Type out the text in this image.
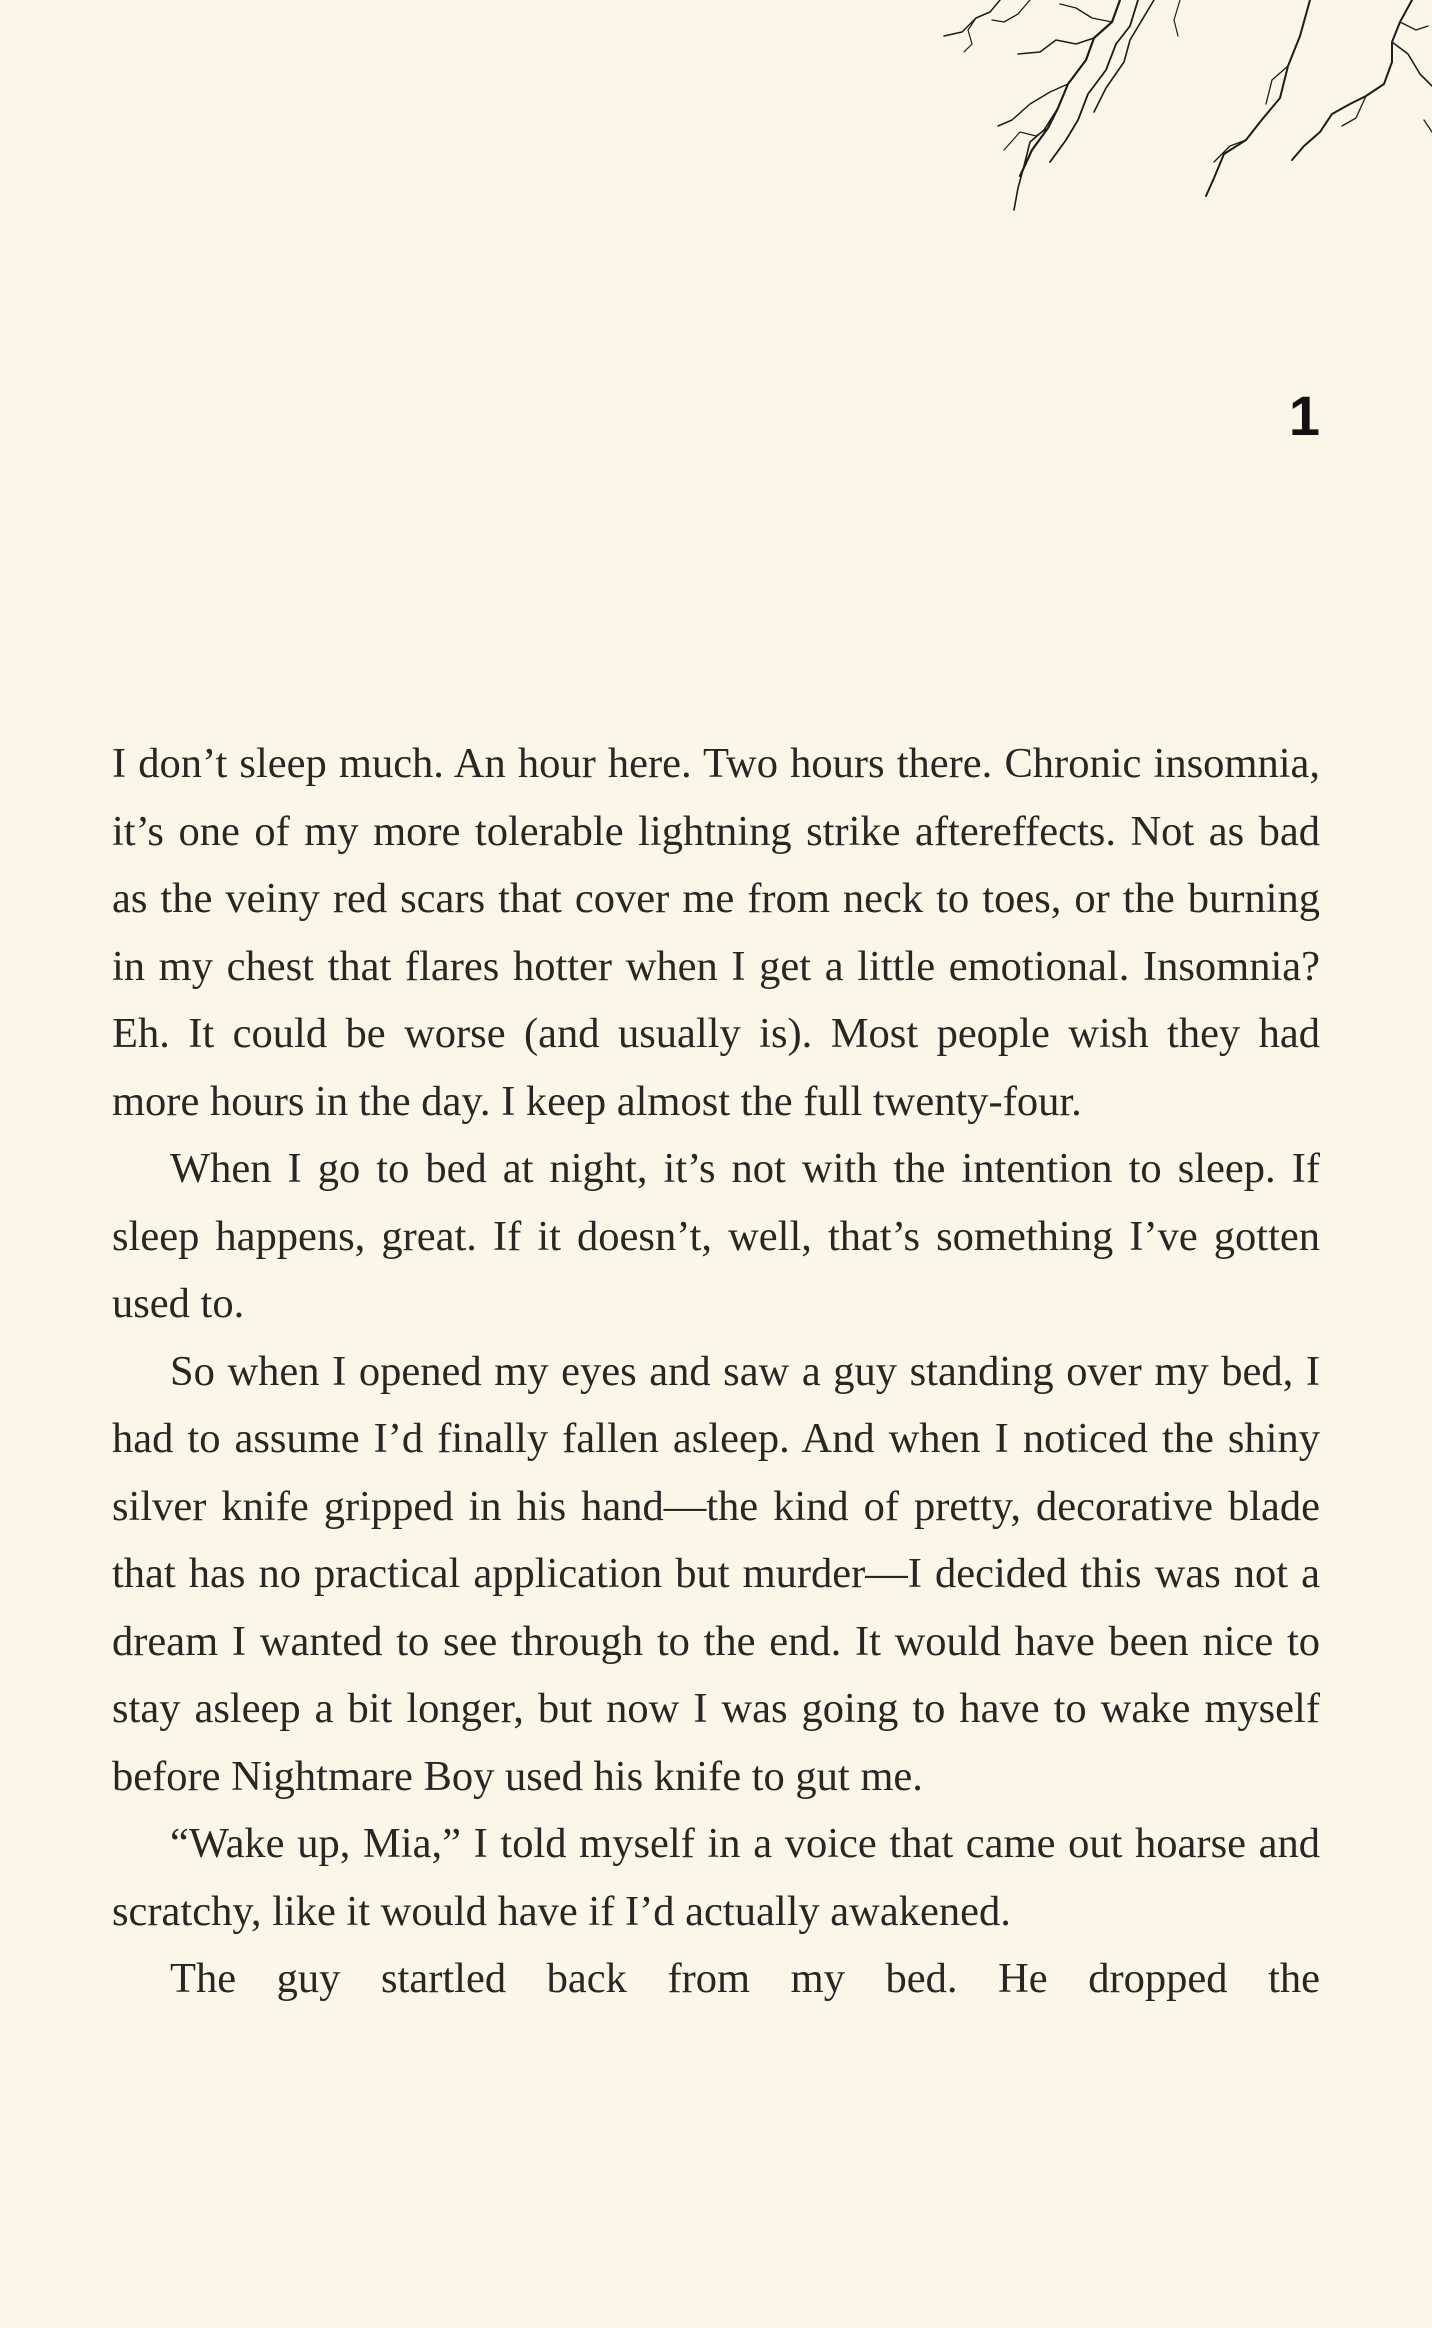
1

I don’t sleep much. An hour here. Two hours there. Chronic insomnia, it’s one of my more tolerable lightning strike aftereffects. Not as bad as the veiny red scars that cover me from neck to toes, or the burning in my chest that flares hotter when I get a little emotional. Insomnia? Eh. It could be worse (and usually is). Most people wish they had more hours in the day. I keep almost the full twenty-four.

When I go to bed at night, it’s not with the intention to sleep. If sleep happens, great. If it doesn’t, well, that’s something I’ve gotten used to.

So when I opened my eyes and saw a guy standing over my bed, I had to assume I’d finally fallen asleep. And when I noticed the shiny silver knife gripped in his hand—the kind of pretty, decorative blade that has no practical application but murder—I decided this was not a dream I wanted to see through to the end. It would have been nice to stay asleep a bit longer, but now I was going to have to wake myself before Nightmare Boy used his knife to gut me.

“Wake up, Mia,” I told myself in a voice that came out hoarse and scratchy, like it would have if I’d actually awakened.

The guy startled back from my bed. He dropped the
